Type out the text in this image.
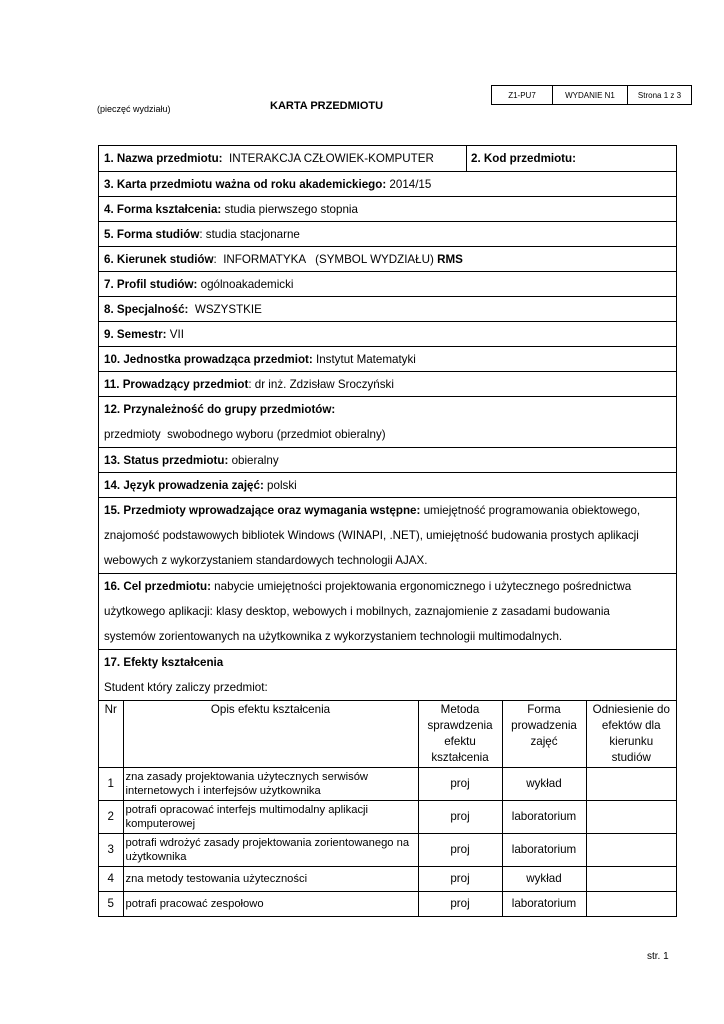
(pieczęć wydziału)	KARTA PRZEDMIOTU
Z1-PU7	WYDANIE N1	Strona 1 z 3
1. Nazwa przedmiotu:
INTERAKCJA CZŁOWIEK-KOMPUTER	2. Kod przedmiotu:
3. Karta przedmiotu ważna od roku akademickiego:
2014/15
4. Forma kształcenia:
studia pierwszego stopnia
5. Forma studiów : studia stacjonarne
6. Kierunek studiów :  INFORMATYKA   (SYMBOL WYDZIAŁU)
RMS
7. Profil studiów:
ogólnoakademicki
8. Specjalność:
WSZYSTKIE
9. Semestr:
VII
10. Jednostka prowadząca przedmiot:
Instytut Matematyki
11. Prowadzący przedmiot : dr inż. Zdzisław Sroczyński
12. Przynależność do grupy przedmiotów:
przedmioty  swobodnego wyboru (przedmiot obieralny)
13. Status przedmiotu:
obieralny
14. Język prowadzenia zajęć:
polski
15. Przedmioty wprowadzające oraz wymagania wstępne: umiejętność programowania obiektowego,
znajomość podstawowych bibliotek Windows (WINAPI, .NET), umiejętność budowania prostych aplikacji
webowych z wykorzystaniem standardowych technologii AJAX.
16. Cel przedmiotu: nabycie umiejętności projektowania ergonomicznego i użytecznego pośrednictwa
użytkowego aplikacji: klasy desktop, webowych i mobilnych, zaznajomienie z zasadami budowania
systemów zorientowanych na użytkownika z wykorzystaniem technologii multimodalnych.
17. Efekty kształcenia
Student który zaliczy przedmiot:
Nr	Opis efektu kształcenia	Metoda sprawdzenia efektu kształcenia	Forma prowadzenia zajęć	Odniesienie do efektów dla kierunku studiów
1	zna zasady projektowania użytecznych serwisów internetowych i interfejsów użytkownika	proj	wykład	
2	potrafi opracować interfejs multimodalny aplikacji komputerowej	proj	laboratorium	
3	potrafi wdrożyć zasady projektowania zorientowanego na użytkownika	proj	laboratorium	
4	zna metody testowania użyteczności	proj	wykład	
5	potrafi pracować zespołowo	proj	laboratorium	
str. 1
